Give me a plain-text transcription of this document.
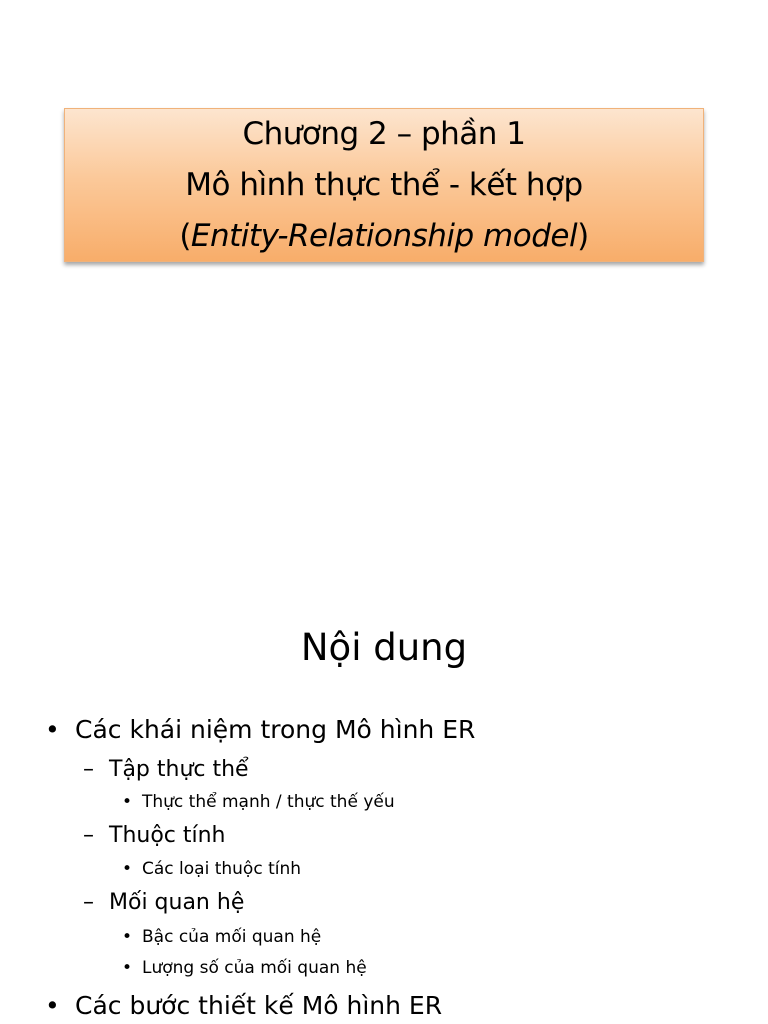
Chương 2 – phần 1
Mô hình thực thể - kết hợp
(Entity-Relationship model)
Nội dung
• Các khái niệm trong Mô hình ER
– Tập thực thể
• Thực thể mạnh / thực thế yếu
– Thuộc tính
• Các loại thuộc tính
– Mối quan hệ
• Bậc của mối quan hệ
• Lượng số của mối quan hệ
• Các bước thiết kế Mô hình ER
